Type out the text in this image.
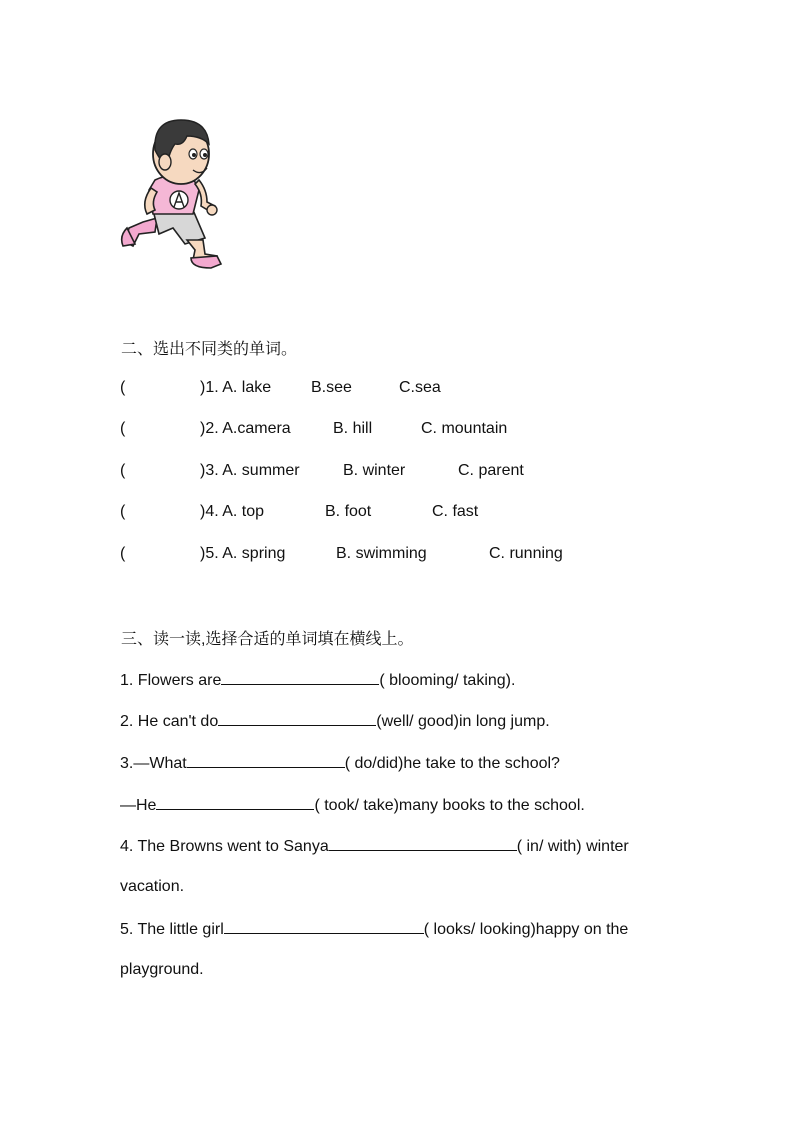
二、选出不同类的单词。
(	)1. A. lake B.see	C.sea
(	)2. A.camera	B. hill	C. mountain
(	)3. A. summer	B. winter	C. parent
(	)4. A. top	B. foot	C. fast
(	)5. A. spring	B. swimming	C. running
三、读一读,选择合适的单词填在横线上。
1. Flowers are	( blooming/ taking).
2. He can't do	(well/ good)in long jump.
3.—What	( do/did)he take to the school?
—He	( took/ take)many books to the school.
4. The Browns went to Sanya	( in/ with) winter
vacation.
5. The little girl	( looks/ looking)happy on the
playground.
